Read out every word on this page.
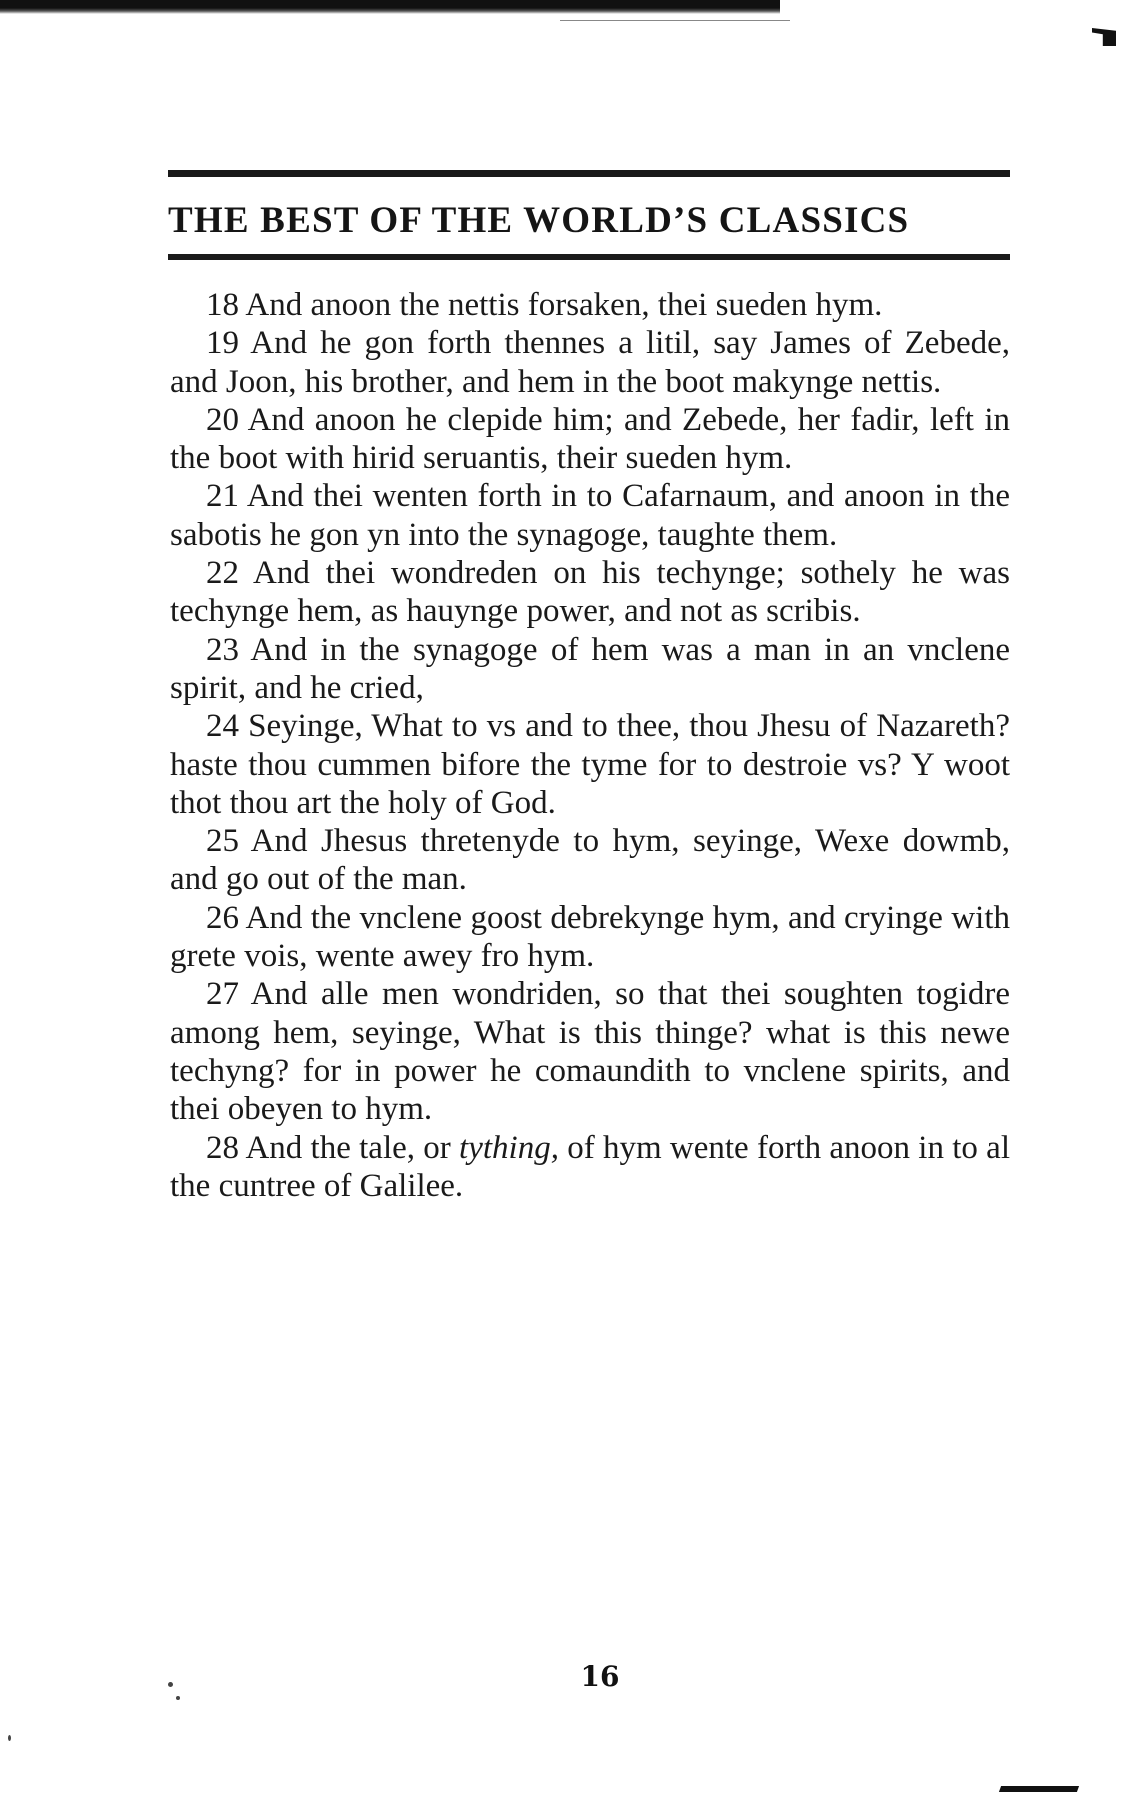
THE BEST OF THE WORLD’S CLASSICS

18 And anoon the nettis forsaken, thei sueden hym.

19 And he gon forth thennes a litil, say James of Zebede, and Joon, his brother, and hem in the boot makynge nettis.

20 And anoon he clepide him; and Zebede, her fadir, left in the boot with hirid seruantis, their sueden hym.

21 And thei wenten forth in to Cafarnaum, and anoon in the sabotis he gon yn into the synagoge, taughte them.

22 And thei wondreden on his techynge; sothely he was techynge hem, as hauynge power, and not as scribis.

23 And in the synagoge of hem was a man in an vnclene spirit, and he cried,

24 Seyinge, What to vs and to thee, thou Jhesu of Nazareth? haste thou cummen bifore the tyme for to destroie vs? Y woot thot thou art the holy of God.

25 And Jhesus thretenyde to hym, seyinge, Wexe dowmb, and go out of the man.

26 And the vnclene goost debrekynge hym, and cryinge with grete vois, wente awey fro hym.

27 And alle men wondriden, so that thei soughten togidre among hem, seyinge, What is this thinge? what is this newe techyng? for in power he comaundith to vnclene spirits, and thei obeyen to hym.

28 And the tale, or tything, of hym wente forth anoon in to al the cuntree of Galilee.

16
